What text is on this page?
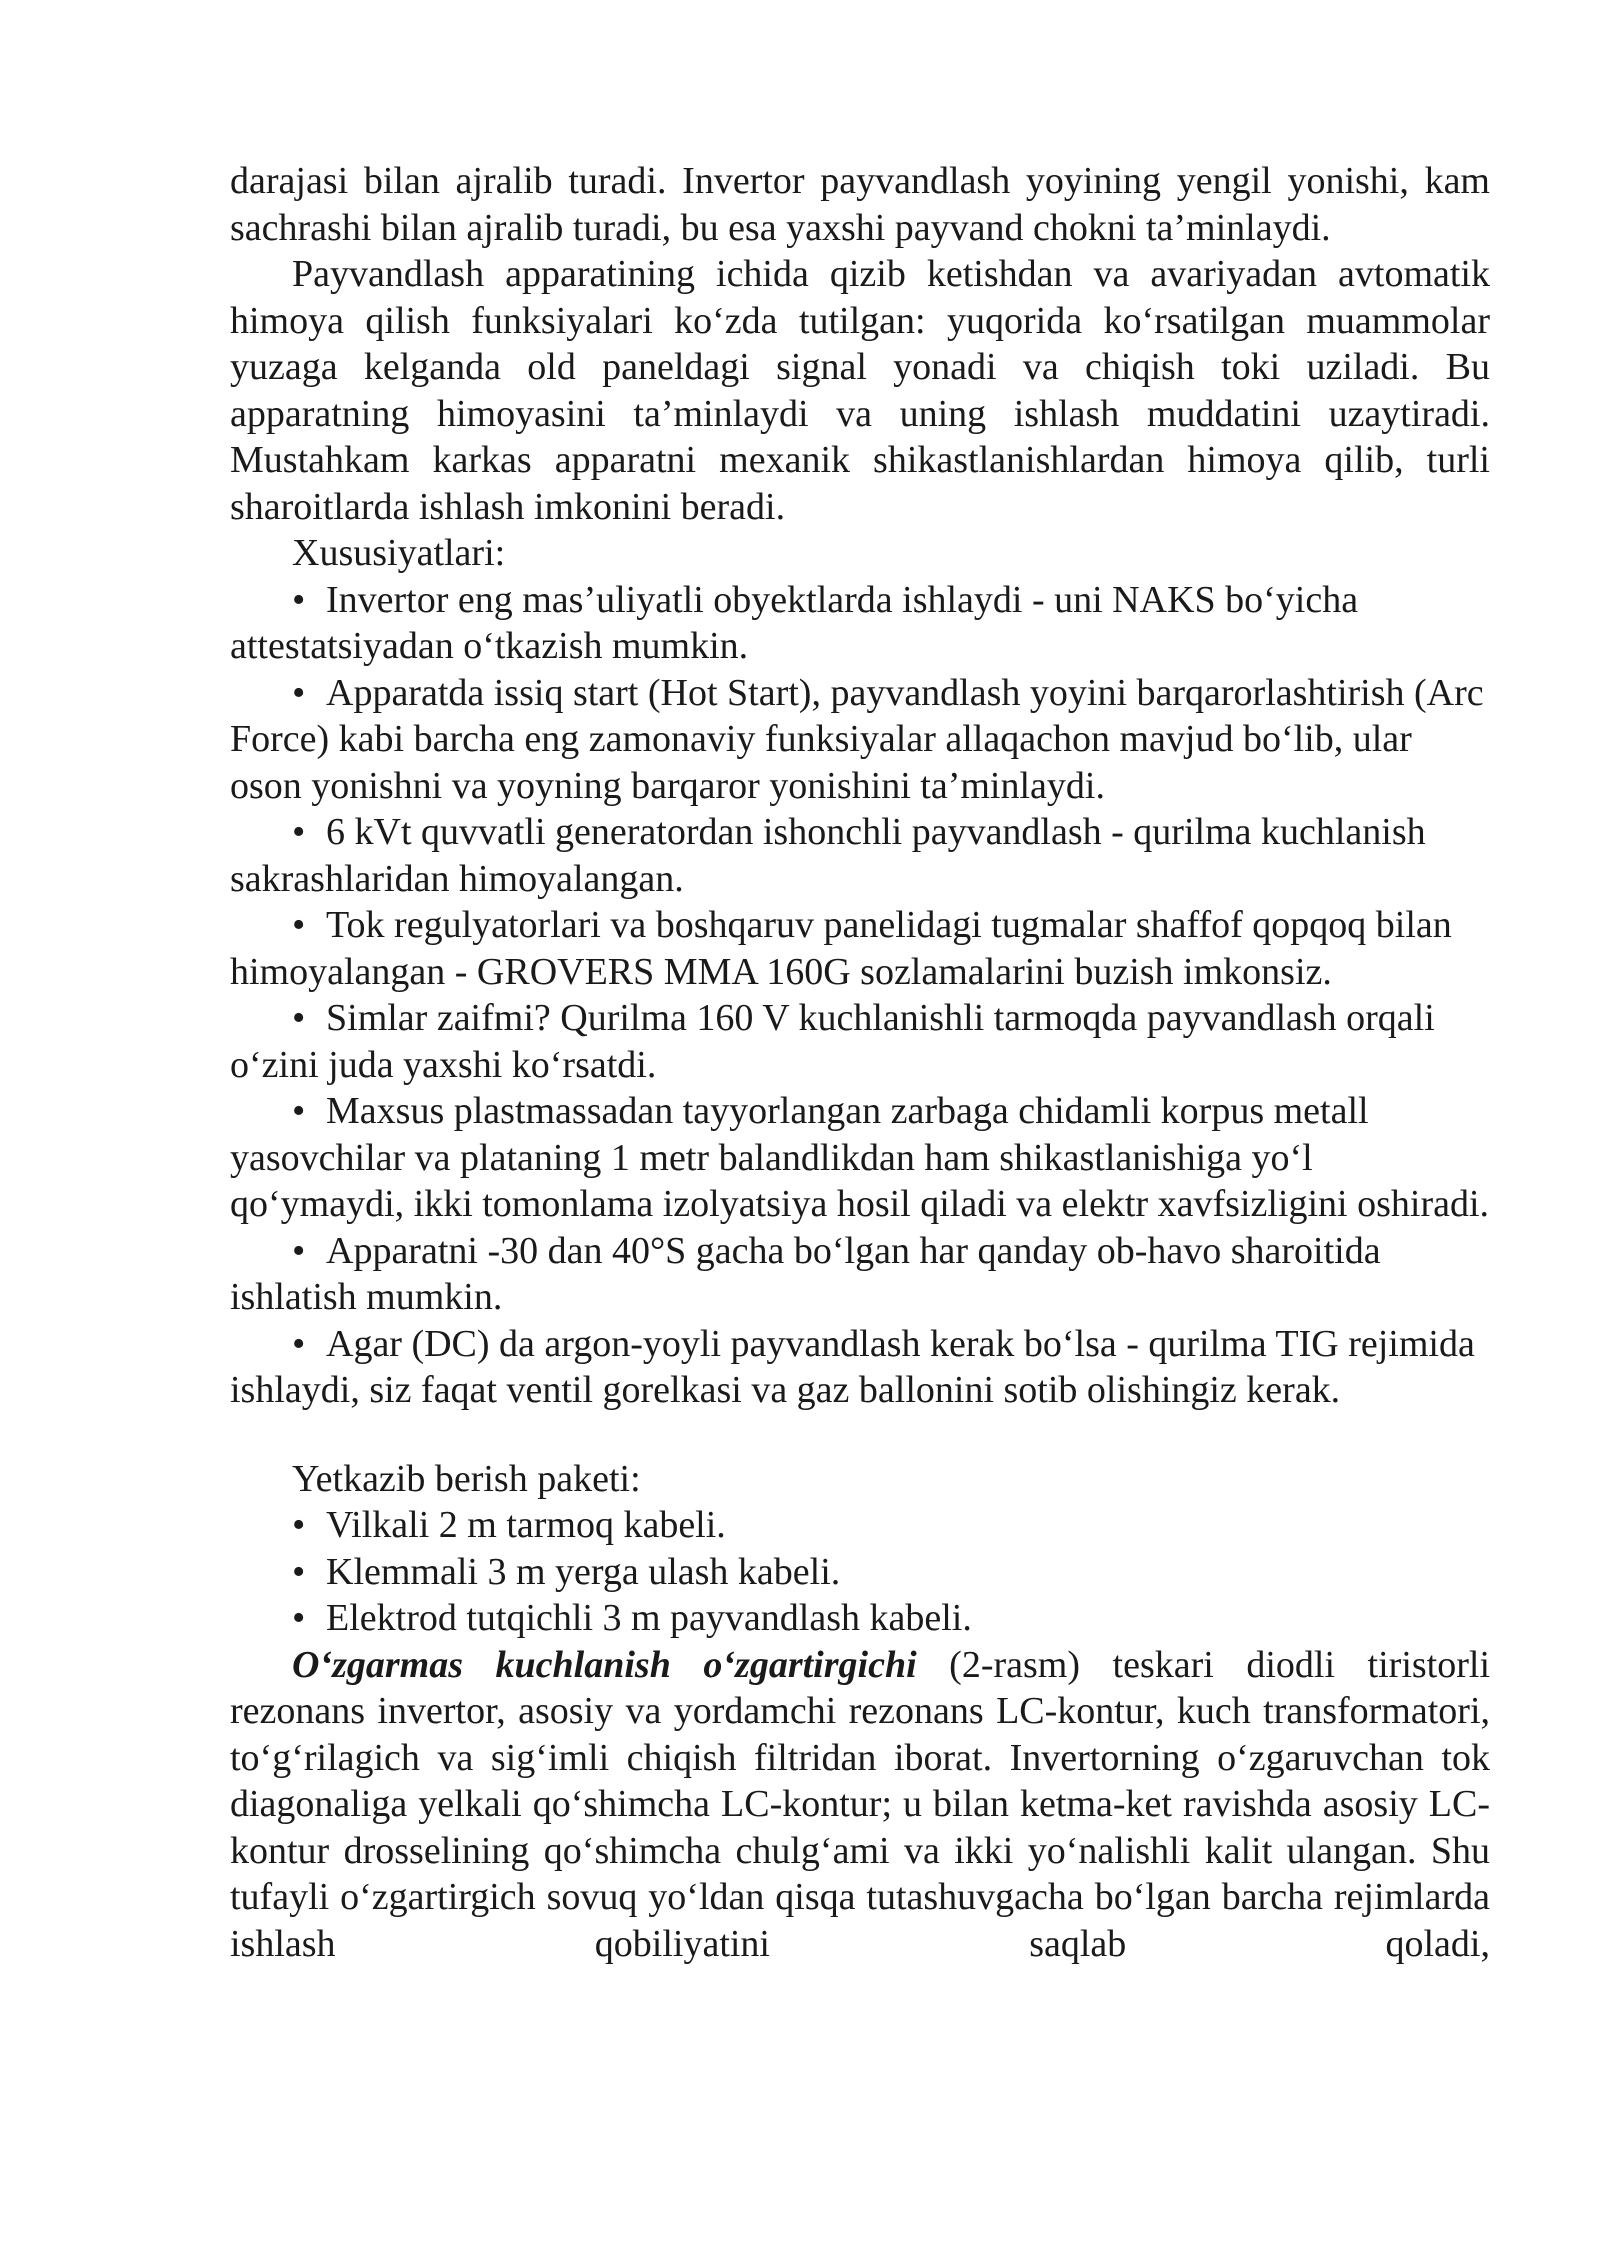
darajasi bilan ajralib turadi. Invertor payvandlash yoyining yengil yonishi, kam sachrashi bilan ajralib turadi, bu esa yaxshi payvand chokni ta’minlaydi.

Payvandlash apparatining ichida qizib ketishdan va avariyadan avtomatik himoya qilish funksiyalari ko‘zda tutilgan: yuqorida ko‘rsatilgan muammolar yuzaga kelganda old paneldagi signal yonadi va chiqish toki uziladi. Bu apparatning himoyasini ta’minlaydi va uning ishlash muddatini uzaytiradi. Mustahkam karkas apparatni mexanik shikastlanishlardan himoya qilib, turli sharoitlarda ishlash imkonini beradi.

Xususiyatlari:

• Invertor eng mas’uliyatli obyektlarda ishlaydi - uni NAKS bo‘yicha attestatsiyadan o‘tkazish mumkin.

• Apparatda issiq start (Hot Start), payvandlash yoyini barqarorlashtirish (Arc Force) kabi barcha eng zamonaviy funksiyalar allaqachon mavjud bo‘lib, ular oson yonishni va yoyning barqaror yonishini ta’minlaydi.

• 6 kVt quvvatli generatordan ishonchli payvandlash - qurilma kuchlanish sakrashlaridan himoyalangan.

• Tok regulyatorlari va boshqaruv panelidagi tugmalar shaffof qopqoq bilan himoyalangan - GROVERS MMA 160G sozlamalarini buzish imkonsiz.

• Simlar zaifmi? Qurilma 160 V kuchlanishli tarmoqda payvandlash orqali o‘zini juda yaxshi ko‘rsatdi.

• Maxsus plastmassadan tayyorlangan zarbaga chidamli korpus metall yasovchilar va plataning 1 metr balandlikdan ham shikastlanishiga yo‘l qo‘ymaydi, ikki tomonlama izolyatsiya hosil qiladi va elektr xavfsizligini oshiradi.

• Apparatni -30 dan 40°S gacha bo‘lgan har qanday ob-havo sharoitida ishlatish mumkin.

• Agar (DC) da argon-yoyli payvandlash kerak bo‘lsa - qurilma TIG rejimida ishlaydi, siz faqat ventil gorelkasi va gaz ballonini sotib olishingiz kerak.

Yetkazib berish paketi:

• Vilkali 2 m tarmoq kabeli.

• Klemmali 3 m yerga ulash kabeli.

• Elektrod tutqichli 3 m payvandlash kabeli.

O‘zgarmas kuchlanish o‘zgartirgichi (2-rasm) teskari diodli tiristorli rezonans invertor, asosiy va yordamchi rezonans LC-kontur, kuch transformatori, to‘g‘rilagich va sig‘imli chiqish filtridan iborat. Invertorning o‘zgaruvchan tok diagonaliga yelkali qo‘shimcha LC-kontur; u bilan ketma-ket ravishda asosiy LC-kontur drosselining qo‘shimcha chulg‘ami va ikki yo‘nalishli kalit ulangan. Shu tufayli o‘zgartirgich sovuq yo‘ldan qisqa tutashuvgacha bo‘lgan barcha rejimlarda ishlash qobiliyatini saqlab qoladi,
